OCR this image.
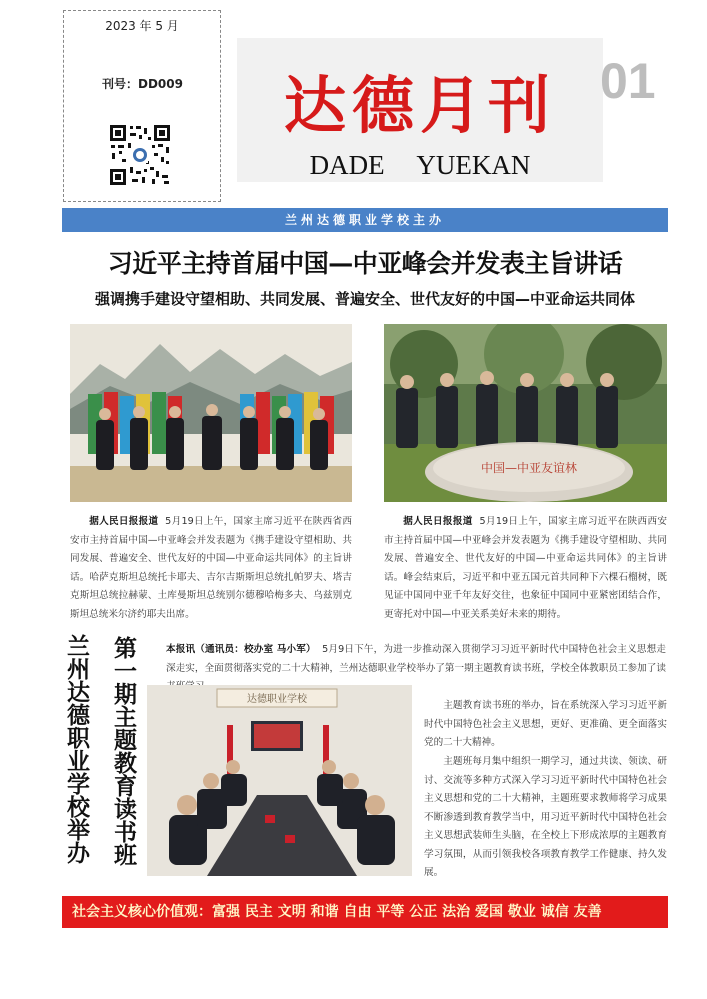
2023 年 5 月
刊号：DD009	达德月刊
DADE YUEKAN
01
兰州达德职业学校主办
习近平主持首届中国—中亚峰会并发表主旨讲话
强调携手建设守望相助、共同发展、普遍安全、世代友好的中国—中亚命运共同体
中国—中亚友谊林
据人民日报报道 5月19日上午，国家主席习近平在陕西省西安市主持首届中国—中亚峰会并发表题为《携手建设守望相助、共同发展、普遍安全、世代友好的中国—中亚命运共同体》的主旨讲话。哈萨克斯坦总统托卡耶夫、吉尔吉斯斯坦总统扎帕罗夫、塔吉克斯坦总统拉赫蒙、土库曼斯坦总统别尔德穆哈梅多夫、乌兹别克斯坦总统米尔济约耶夫出席。
据人民日报报道 5月19日上午，国家主席习近平在陕西西安市主持首届中国—中亚峰会并发表题为《携手建设守望相助、共同发展、普遍安全、世代友好的中国—中亚命运共同体》的主旨讲话。峰会结束后，习近平和中亚五国元首共同种下六棵石榴树，既见证中国同中亚千年友好交往，也象征中国同中亚紧密团结合作，更寄托对中国—中亚关系美好未来的期待。
兰州达德职业学校举办 第一期主题教育读书班	本报讯（通讯员：校办室 马小军） 5月9日下午，为进一步推动深入贯彻学习习近平新时代中国特色社会主义思想走深走实，全面贯彻落实党的二十大精神，兰州达德职业学校举办了第一期主题教育读书班，学校全体教职员工参加了读
达德职业学校
主题教育读书班的举办，旨在系统深入学习习近平新时代中国特色社会主义思想，更好、更准确、更全面落实党的二十大精神。
主题班每月集中组织一期学习，通过共读、领读、研讨、交流等多种方式深入学习习近平新时代中国特色社会主义思想和党的二十大精神，主题班要求教师将学习成果不断渗透到教育教学当中，用习近平新时代中国特色社会主义思想武装师生头脑，在全校上下形成浓厚的主题教育学习氛围，从而引领我校各项教育教学工作健康、持久发展。
社会主义核心价值观：富强 民主 文明 和谐 自由 平等 公正 法治 爱国 敬业 诚信 友善
